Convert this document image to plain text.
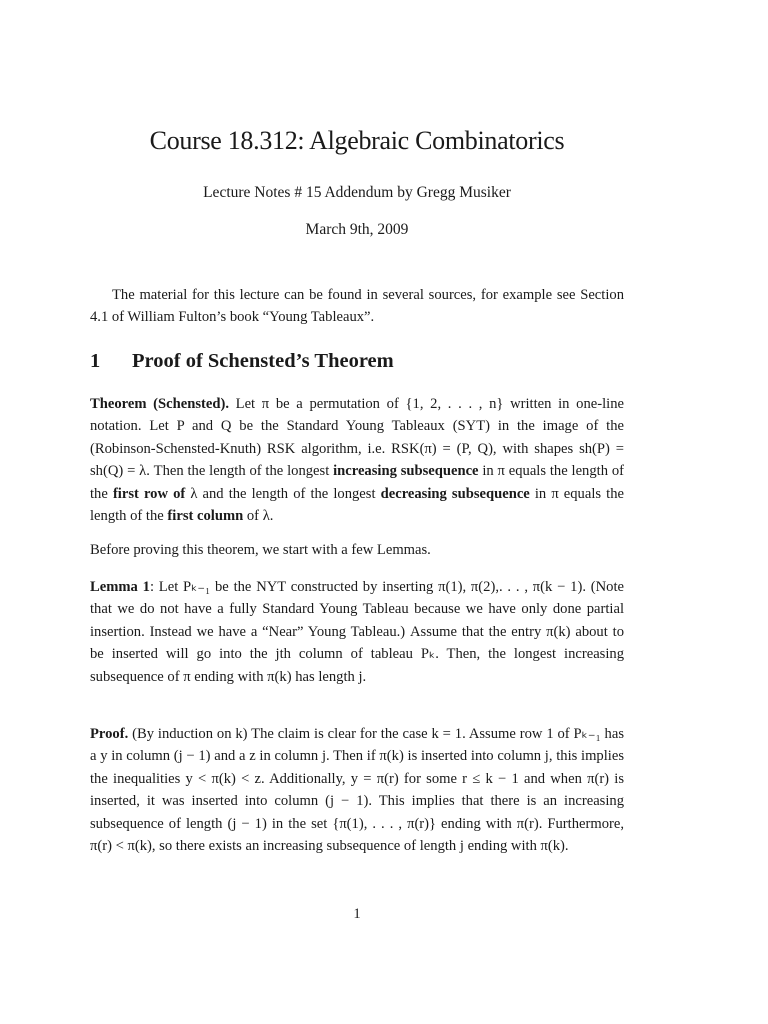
Course 18.312: Algebraic Combinatorics
Lecture Notes # 15 Addendum by Gregg Musiker
March 9th, 2009
The material for this lecture can be found in several sources, for example see Section 4.1 of William Fulton’s book “Young Tableaux”.
1 Proof of Schensted’s Theorem
Theorem (Schensted). Let π be a permutation of {1, 2, . . . , n} written in one-line notation. Let P and Q be the Standard Young Tableaux (SYT) in the image of the (Robinson-Schensted-Knuth) RSK algorithm, i.e. RSK(π) = (P, Q), with shapes sh(P) = sh(Q) = λ. Then the length of the longest increasing subsequence in π equals the length of the first row of λ and the length of the longest decreasing subsequence in π equals the length of the first column of λ.
Before proving this theorem, we start with a few Lemmas.
Lemma 1: Let Pₖ₋₁ be the NYT constructed by inserting π(1), π(2),. . . , π(k − 1). (Note that we do not have a fully Standard Young Tableau because we have only done partial insertion. Instead we have a “Near” Young Tableau.) Assume that the entry π(k) about to be inserted will go into the jth column of tableau Pₖ. Then, the longest increasing subsequence of π ending with π(k) has length j.
Proof. (By induction on k) The claim is clear for the case k = 1. Assume row 1 of Pₖ₋₁ has a y in column (j − 1) and a z in column j. Then if π(k) is inserted into column j, this implies the inequalities y < π(k) < z. Additionally, y = π(r) for some r ≤ k − 1 and when π(r) is inserted, it was inserted into column (j − 1). This implies that there is an increasing subsequence of length (j − 1) in the set {π(1), . . . , π(r)} ending with π(r). Furthermore, π(r) < π(k), so there exists an increasing subsequence of length j ending with π(k).
1
